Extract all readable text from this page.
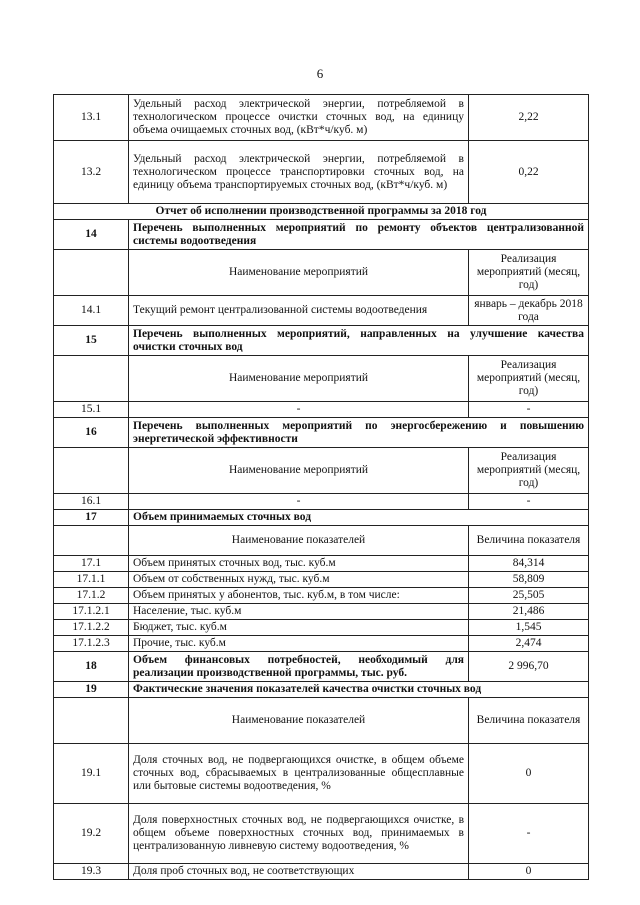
6
13.1	Удельный расход электрической энергии, потребляемой в технологическом процессе очистки сточных вод, на единицу объема очищаемых сточных вод, (кВт*ч/куб. м)	2,22
13.2	Удельный расход электрической энергии, потребляемой в технологическом процессе транспортировки сточных вод, на единицу объема транспортируемых сточных вод, (кВт*ч/куб. м)	0,22
Отчет об исполнении производственной программы за 2018 год		
14	Перечень выполненных мероприятий по ремонту объектов централизованной системы водоотведения	
	Наименование мероприятий	Реализация мероприятий (месяц, год)
14.1	Текущий ремонт централизованной системы водоотведения	январь – декабрь 2018 года
15	Перечень выполненных мероприятий, направленных на улучшение качества очистки сточных вод	
	Наименование мероприятий	Реализация мероприятий (месяц, год)
15.1	-	-
16	Перечень выполненных мероприятий по энергосбережению и повышению энергетической эффективности	
	Наименование мероприятий	Реализация мероприятий (месяц, год)
16.1	-	-
17	Объем принимаемых сточных вод	
	Наименование показателей	Величина показателя
17.1	Объем принятых сточных вод, тыс. куб.м	84,314
17.1.1	Объем от собственных нужд, тыс. куб.м	58,809
17.1.2	Объем принятых у абонентов, тыс. куб.м, в том числе:	25,505
17.1.2.1	Население, тыс. куб.м	21,486
17.1.2.2	Бюджет, тыс. куб.м	1,545
17.1.2.3	Прочие, тыс. куб.м	2,474
18	Объем финансовых потребностей, необходимый для реализации производственной программы, тыс. руб.	2 996,70
19	Фактические значения показателей качества очистки сточных вод	
	Наименование показателей	Величина показателя
19.1	Доля сточных вод, не подвергающихся очистке, в общем объеме сточных вод, сбрасываемых в централизованные общесплавные или бытовые системы водоотведения, %	0
19.2	Доля поверхностных сточных вод, не подвергающихся очистке, в общем объеме поверхностных сточных вод, принимаемых в централизованную ливневую систему водоотведения, %	-
19.3	Доля проб сточных вод, не соответствующих	0
